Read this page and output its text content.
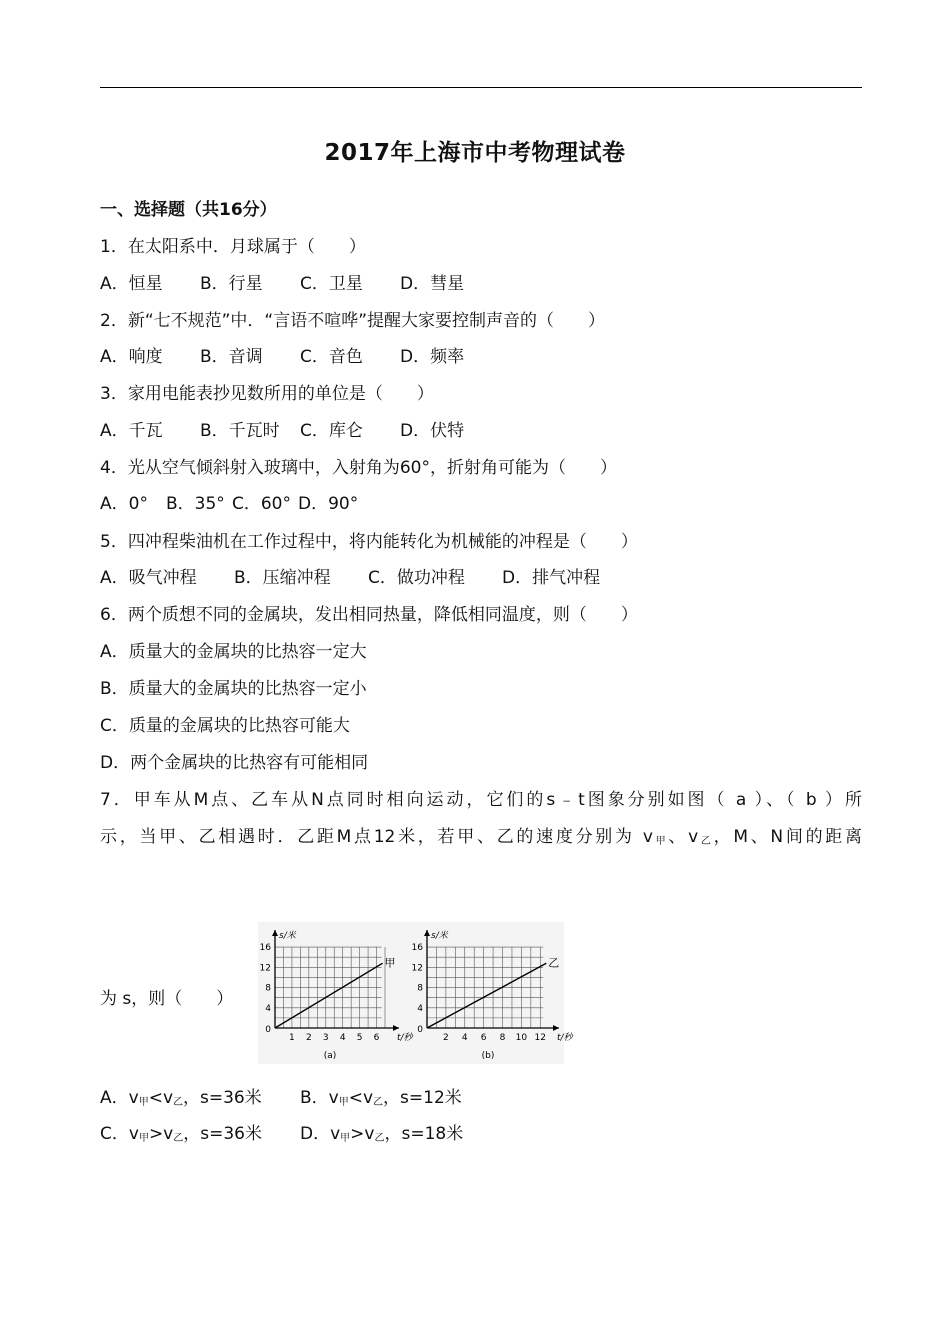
2017年上海市中考物理试卷
一、选择题（共16分）
1．在太阳系中．月球属于（　　）
A．恒星 B．行星 C．卫星 D．彗星
2．新“七不规范”中．“言语不喧哗”提醒大家要控制声音的（　　）
A．响度 B．音调 C．音色 D．频率
3．家用电能表抄见数所用的单位是（　　）
A．千瓦 B．千瓦时 C．库仑 D．伏特
4．光从空气倾斜射入玻璃中，入射角为60°，折射角可能为（　　）
A．0° B．35° C．60° D．90°
5．四冲程柴油机在工作过程中，将内能转化为机械能的冲程是（　　）
A．吸气冲程 B．压缩冲程 C．做功冲程 D．排气冲程
6．两个质想不同的金属块，发出相同热量，降低相同温度，则（　　）
A．质量大的金属块的比热容一定大
B．质量大的金属块的比热容一定小
C．质量的金属块的比热容可能大
D．两个金属块的比热容有可能相同
7．甲车从M点、乙车从N点同时相向运动，它们的s﹣t图象分别如图（ a ）、（ b ）所
示，当甲、乙相遇时．乙距M点12米，若甲、乙的速度分别为 $v_甲$、$v_乙$，M、N间的距离
为 s，则（　　）
1 2 3 4 5 6
4
8
12
16
0
s/米
t/秒
甲
(a)
2 4 6 8 10 12
4
8
12
16
0
s/米
t/秒
乙
(b)
A．$v_甲<v_乙$，s=36米 B．$v_甲<v_乙$，s=12米
C．$v_甲>v_乙$，s=36米 D．$v_甲>v_乙$，s=18米
